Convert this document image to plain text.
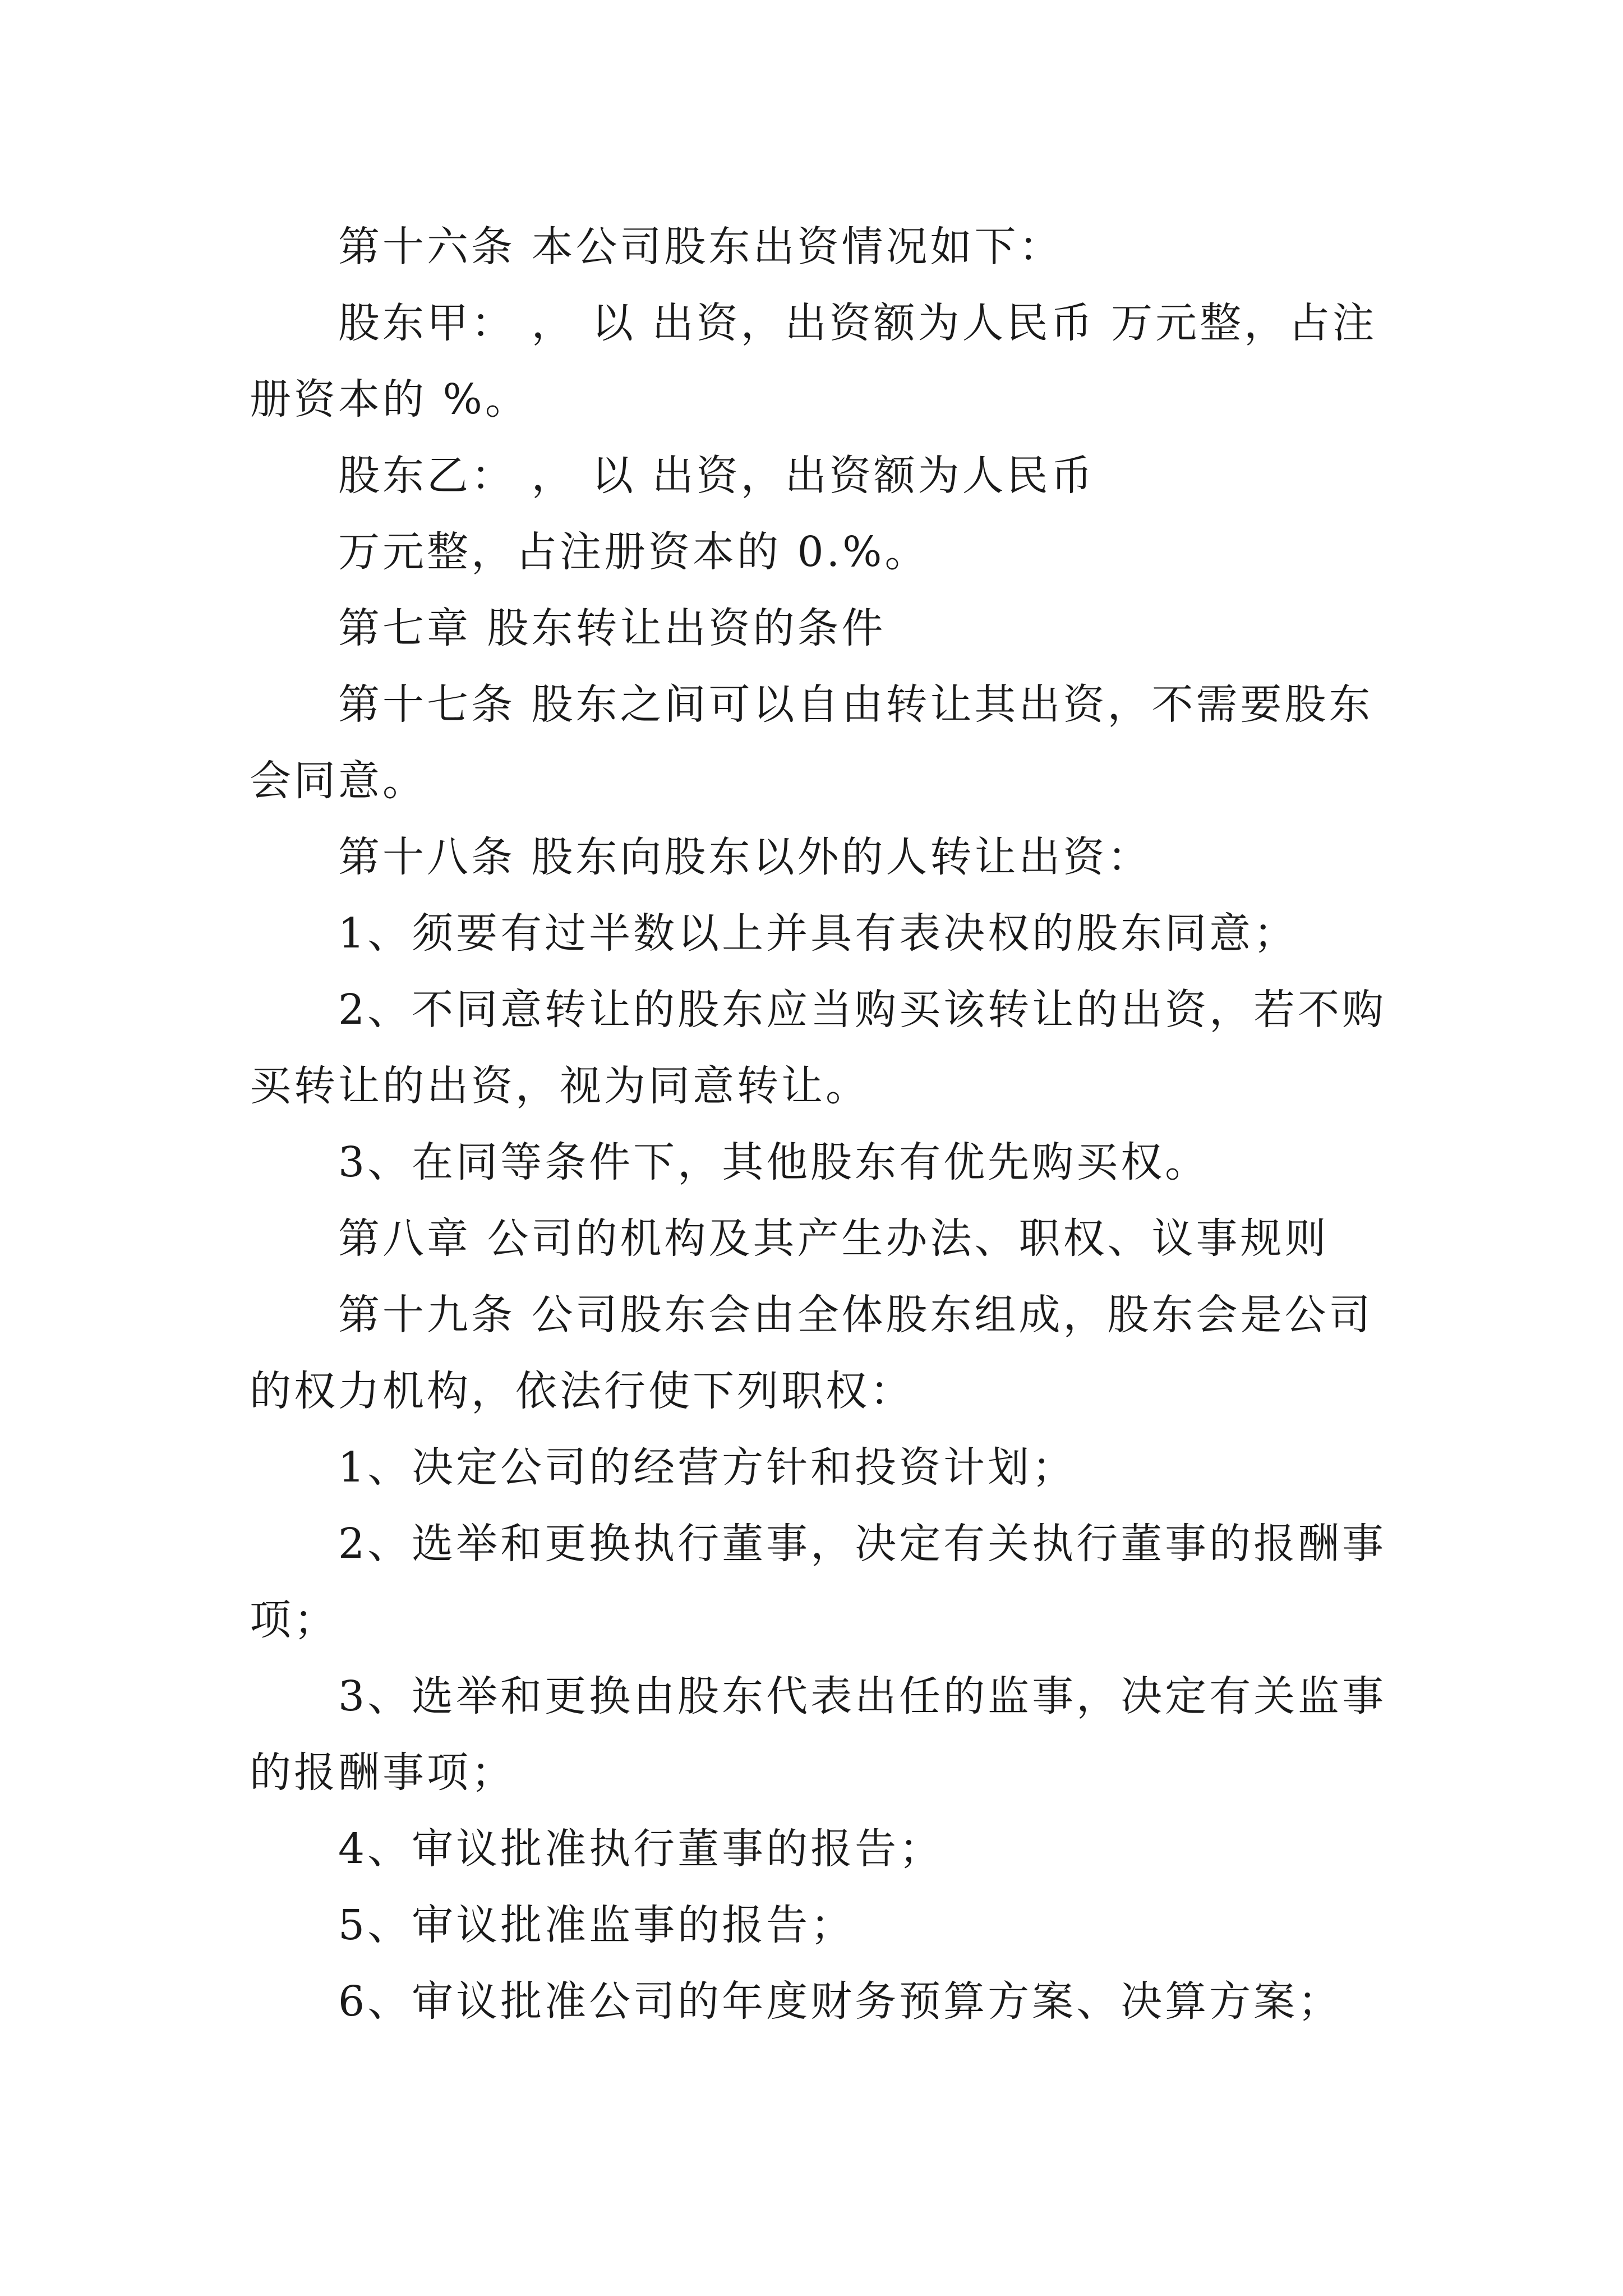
第十六条 本公司股东出资情况如下：

股东甲： ， 以 出资，出资额为人民币 万元整，占注册资本的 %。

股东乙： ， 以 出资，出资额为人民币

万元整，占注册资本的 0.%。

第七章 股东转让出资的条件

第十七条 股东之间可以自由转让其出资，不需要股东会同意。

第十八条 股东向股东以外的人转让出资：

1、须要有过半数以上并具有表决权的股东同意；

2、不同意转让的股东应当购买该转让的出资，若不购买转让的出资，视为同意转让。

3、在同等条件下，其他股东有优先购买权。

第八章 公司的机构及其产生办法、职权、议事规则

第十九条 公司股东会由全体股东组成，股东会是公司的权力机构，依法行使下列职权：

1、决定公司的经营方针和投资计划；

2、选举和更换执行董事，决定有关执行董事的报酬事项；

3、选举和更换由股东代表出任的监事，决定有关监事的报酬事项；

4、审议批准执行董事的报告；

5、审议批准监事的报告；

6、审议批准公司的年度财务预算方案、决算方案；
